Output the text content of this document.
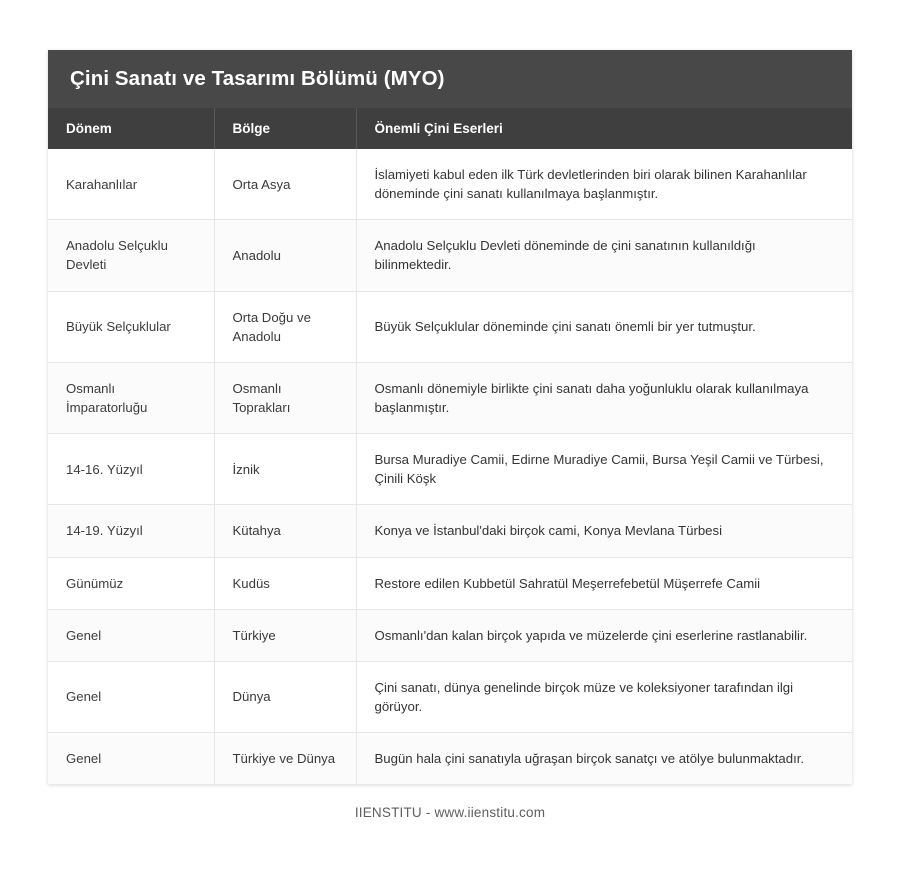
Çini Sanatı ve Tasarımı Bölümü (MYO)
Dönem	Bölge	Önemli Çini Eserleri
Karahanlılar	Orta Asya	İslamiyeti kabul eden ilk Türk devletlerinden biri olarak bilinen Karahanlılar döneminde çini sanatı kullanılmaya başlanmıştır.
Anadolu Selçuklu Devleti	Anadolu	Anadolu Selçuklu Devleti döneminde de çini sanatının kullanıldığı bilinmektedir.
Büyük Selçuklular	Orta Doğu ve Anadolu	Büyük Selçuklular döneminde çini sanatı önemli bir yer tutmuştur.
Osmanlı İmparatorluğu	Osmanlı Toprakları	Osmanlı dönemiyle birlikte çini sanatı daha yoğunluklu olarak kullanılmaya başlanmıştır.
14-16. Yüzyıl	İznik	Bursa Muradiye Camii, Edirne Muradiye Camii, Bursa Yeşil Camii ve Türbesi, Çinili Köşk
14-19. Yüzyıl	Kütahya	Konya ve İstanbul'daki birçok cami, Konya Mevlana Türbesi
Günümüz	Kudüs	Restore edilen Kubbetül Sahratül Meşerrefebetül Müşerrefe Camii
Genel	Türkiye	Osmanlı'dan kalan birçok yapıda ve müzelerde çini eserlerine rastlanabilir.
Genel	Dünya	Çini sanatı, dünya genelinde birçok müze ve koleksiyoner tarafından ilgi görüyor.
Genel	Türkiye ve Dünya	Bugün hala çini sanatıyla uğraşan birçok sanatçı ve atölye bulunmaktadır.
IIENSTITU - www.iienstitu.com
